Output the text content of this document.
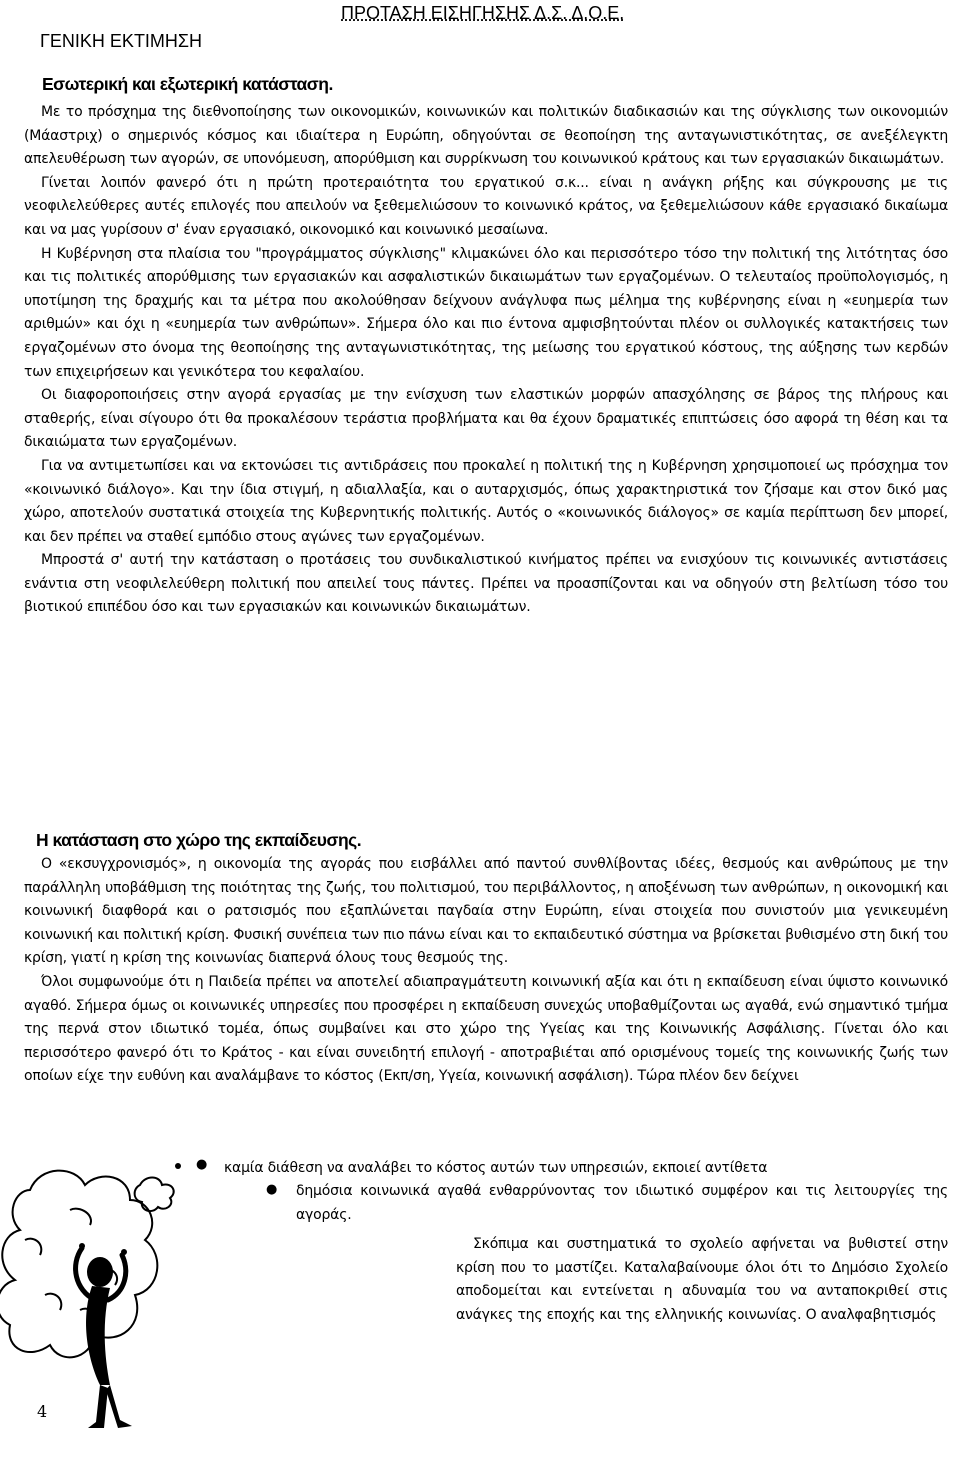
ΓΕΝΙΚΗ ΕΚΤΙΜΗΣΗ
ΠΡΟΤΑΣΗ ΕΙΣΗΓΗΣΗΣ Δ.Σ. Δ.Ο.Ε.
Εσωτερική και εξωτερική κατάσταση.

Με το πρόσχημα της διεθνοποίησης των οικονομικών, κοινωνικών και πολιτικών διαδικασιών και της σύγκλισης των οικονομιών (Μάαστριχ) ο σημερινός κόσμος και ιδιαίτερα η Ευρώπη, οδηγούνται σε θεοποίηση της ανταγωνιστικότητας, σε ανεξέλεγκτη απελευθέρωση των αγορών, σε υπονόμευση, απορύθμιση και συρρίκνωση του κοινωνικού κράτους και των εργασιακών δικαιωμάτων.

Γίνεται λοιπόν φανερό ότι η πρώτη προτεραιότητα του εργατικού σ.κ... είναι η ανάγκη ρήξης και σύγκρουσης με τις νεοφιλελεύθερες αυτές επιλογές που απειλούν να ξεθεμελιώσουν το κοινωνικό κράτος, να ξεθεμελιώσουν κάθε εργασιακό δικαίωμα και να μας γυρίσουν σ' έναν εργασιακό, οικονομικό και κοινωνικό μεσαίωνα.

Η Κυβέρνηση στα πλαίσια του "προγράμματος σύγκλισης" κλιμακώνει όλο και περισσότερο τόσο την πολιτική της λιτότητας όσο και τις πολιτικές απορύθμισης των εργασιακών και ασφαλιστικών δικαιωμάτων των εργαζομένων. Ο τελευταίος προϋπολογισμός, η υποτίμηση της δραχμής και τα μέτρα που ακολούθησαν δείχνουν ανάγλυφα πως μέλημα της κυβέρνησης είναι η «ευημερία των αριθμών» και όχι η «ευημερία των ανθρώπων». Σήμερα όλο και πιο έντονα αμφισβητούνται πλέον οι συλλογικές κατακτήσεις των εργαζομένων στο όνομα της θεοποίησης της ανταγωνιστικότητας, της μείωσης του εργατικού κόστους, της αύξησης των κερδών των επιχειρήσεων και γενικότερα του κεφαλαίου.

Οι διαφοροποιήσεις στην αγορά εργασίας με την ενίσχυση των ελαστικών μορφών απασχόλησης σε βάρος της πλήρους και σταθερής, είναι σίγουρο ότι θα προκαλέσουν τεράστια προβλήματα και θα έχουν δραματικές επιπτώσεις όσο αφορά τη θέση και τα δικαιώματα των εργαζομένων.

Για να αντιμετωπίσει και να εκτονώσει τις αντιδράσεις που προκαλεί η πολιτική της η Κυβέρνηση χρησιμοποιεί ως πρόσχημα τον «κοινωνικό διάλογο». Και την ίδια στιγμή, η αδιαλλαξία, και ο αυταρχισμός, όπως χαρακτηριστικά τον ζήσαμε και στον δικό μας χώρο, αποτελούν συστατικά στοιχεία της Κυβερνητικής πολιτικής. Αυτός ο «κοινωνικός διάλογος» σε καμία περίπτωση δεν μπορεί, και δεν πρέπει να σταθεί εμπόδιο στους αγώνες των εργαζομένων.

Μπροστά σ' αυτή την κατάσταση ο προτάσεις του συνδικαλιστικού κινήματος πρέπει να ενισχύουν τις κοινωνικές αντιστάσεις ενάντια στη νεοφιλελεύθερη πολιτική που απειλεί τους πάντες. Πρέπει να προασπίζονται και να οδηγούν στη βελτίωση τόσο του βιοτικού επιπέδου όσο και των εργασιακών και κοινωνικών δικαιωμάτων.

Η κατάσταση στο χώρο της εκπαίδευσης.

Ο «εκσυγχρονισμός», η οικονομία της αγοράς που εισβάλλει από παντού συνθλίβοντας ιδέες, θεσμούς και ανθρώπους με την παράλληλη υποβάθμιση της ποιότητας της ζωής, του πολιτισμού, του περιβάλλοντος, η αποξένωση των ανθρώπων, η οικονομική και κοινωνική διαφθορά και ο ρατσισμός που εξαπλώνεται παγδαία στην Ευρώπη, είναι στοιχεία που συνιστούν μια γενικευμένη κοινωνική και πολιτική κρίση. Φυσική συνέπεια των πιο πάνω είναι και το εκπαιδευτικό σύστημα να βρίσκεται βυθισμένο στη δική του κρίση, γιατί η κρίση της κοινωνίας διαπερνά όλους τους θεσμούς της.

Όλοι συμφωνούμε ότι η Παιδεία πρέπει να αποτελεί αδιαπραγμάτευτη κοινωνική αξία και ότι η εκπαίδευση είναι ύψιστο κοινωνικό αγαθό. Σήμερα όμως οι κοινωνικές υπηρεσίες που προσφέρει η εκπαίδευση συνεχώς υποβαθμίζονται ως αγαθά, ενώ σημαντικό τμήμα της περνά στον ιδιωτικό τομέα, όπως συμβαίνει και στο χώρο της Υγείας και της Κοινωνικής Ασφάλισης. Γίνεται όλο και περισσότερο φανερό ότι το Κράτος - και είναι συνειδητή επιλογή - αποτραβιέται από ορισμένους τομείς της κοινωνικής ζωής των οποίων είχε την ευθύνη και αναλάμβανε το κόστος (Εκπ/ση, Υγεία, κοινωνική ασφάλιση). Τώρα πλέον δεν δείχνει

● καμία διάθεση να αναλάβει το κόστος αυτών των υπηρεσιών, εκποιεί αντίθετα
● δημόσια κοινωνικά αγαθά ενθαρρύνοντας τον ιδιωτικό συμφέρον και τις λειτουργίες της αγοράς.

Σκόπιμα και συστηματικά το σχολείο αφήνεται να βυθιστεί στην κρίση που το μαστίζει. Καταλαβαίνουμε όλοι ότι το Δημόσιο Σχολείο αποδομείται και εντείνεται η αδυναμία του να ανταποκριθεί στις ανάγκες της εποχής και της ελληνικής κοινωνίας. Ο αναλφαβητισμός

4
